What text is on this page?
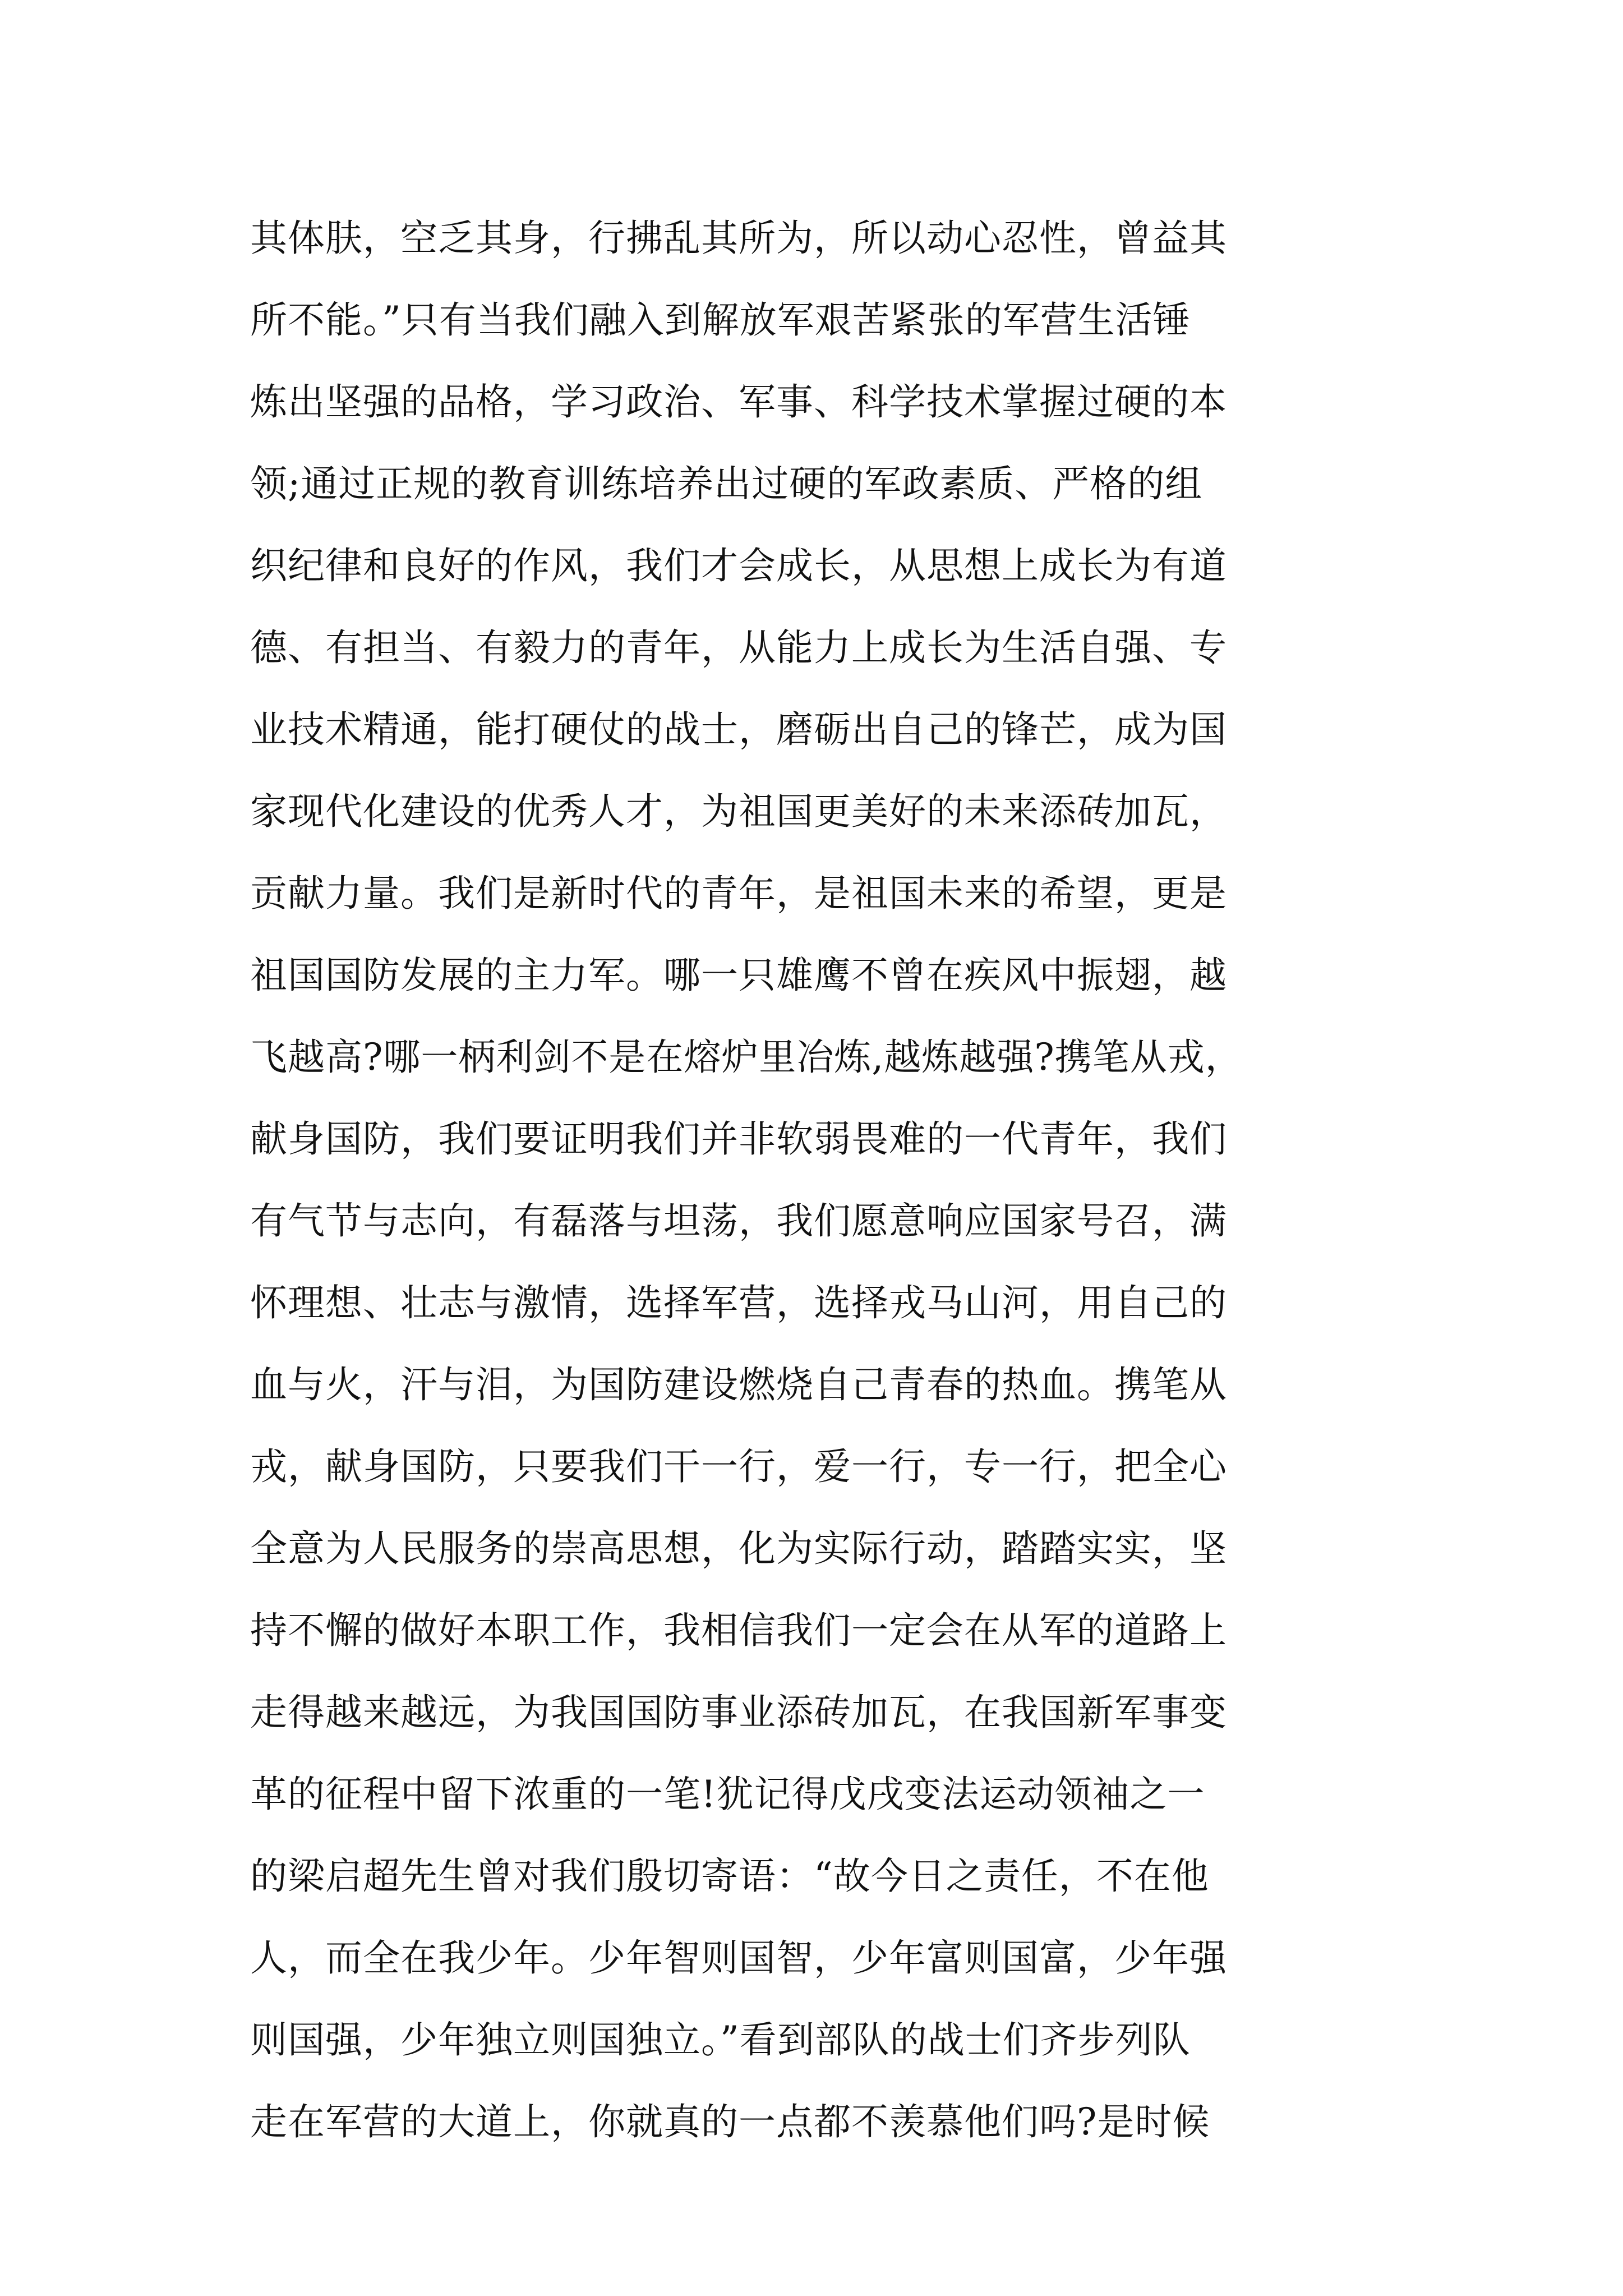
其体肤，空乏其身，行拂乱其所为，所以动心忍性，曾益其
所不能。”只有当我们融入到解放军艰苦紧张的军营生活锤
炼出坚强的品格，学习政治、军事、科学技术掌握过硬的本
领;通过正规的教育训练培养出过硬的军政素质、严格的组
织纪律和良好的作风，我们才会成长，从思想上成长为有道
德、有担当、有毅力的青年，从能力上成长为生活自强、专
业技术精通，能打硬仗的战士，磨砺出自己的锋芒，成为国
家现代化建设的优秀人才，为祖国更美好的未来添砖加瓦，
贡献力量。我们是新时代的青年，是祖国未来的希望，更是
祖国国防发展的主力军。哪一只雄鹰不曾在疾风中振翅，越
飞越高?哪一柄利剑不是在熔炉里冶炼,越炼越强?携笔从戎，
献身国防，我们要证明我们并非软弱畏难的一代青年，我们
有气节与志向，有磊落与坦荡，我们愿意响应国家号召，满
怀理想、壮志与激情，选择军营，选择戎马山河，用自己的
血与火，汗与泪，为国防建设燃烧自己青春的热血。携笔从
戎，献身国防，只要我们干一行，爱一行，专一行，把全心
全意为人民服务的崇高思想，化为实际行动，踏踏实实，坚
持不懈的做好本职工作，我相信我们一定会在从军的道路上
走得越来越远，为我国国防事业添砖加瓦，在我国新军事变
革的征程中留下浓重的一笔!犹记得戊戌变法运动领袖之一
的梁启超先生曾对我们殷切寄语：“故今日之责任，不在他
人，而全在我少年。少年智则国智，少年富则国富，少年强
则国强，少年独立则国独立。”看到部队的战士们齐步列队
走在军营的大道上，你就真的一点都不羡慕他们吗?是时候
